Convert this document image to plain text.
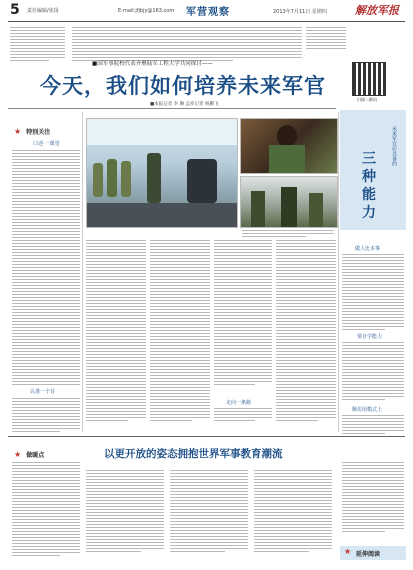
5 责任编辑/张扬	E-mail:jfjbjy@163.com 军营观察	2013年7月11日 星期四	解放军报
扫描二维码
■国军事院校代表齐聚陆军工程大学共同探讨——
今天，我们如何培养未来军官
■本报记者 李 琳 孟祥记者 杨鹏飞
★ 特别关注
口述·一课堂
认准一个目
走向一条路
未来军官应具备的
三
种
能
力
做人比本事
要自学能力
顺仿用模式上
★ 做暖点	以更开放的姿态拥抱世界军事教育潮流
★ 延伸阅读
